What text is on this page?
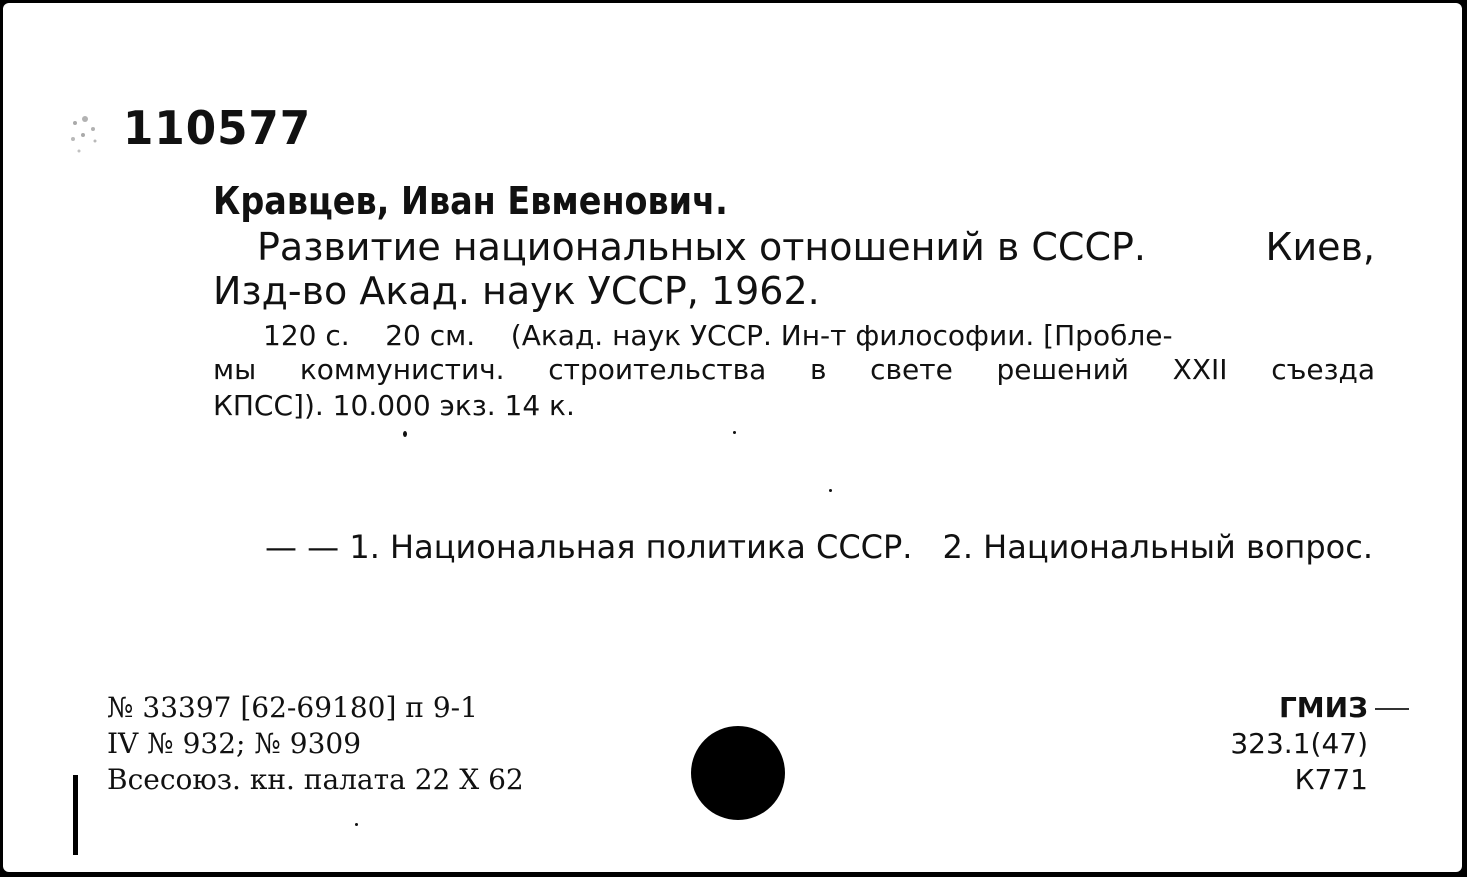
110577

Кравцев, Иван Евменович.

Развитие национальных отношений в СССР.	Киев,

Изд-во Акад. наук УССР, 1962.

120 с.    20 см.    (Акад. наук УССР. Ин-т философии. [Пробле-

мы коммунистич. строительства в свете решений XXII съезда

КПСС]). 10.000 экз. 14 к.

— — 1. Национальная политика СССР. 2. Национальный вопрос.

№ 33397 [62-69180] п 9-1

IV № 932; № 9309

Всесоюз. кн. палата 22 X 62

ГМИЗ

323.1(47)

К771
